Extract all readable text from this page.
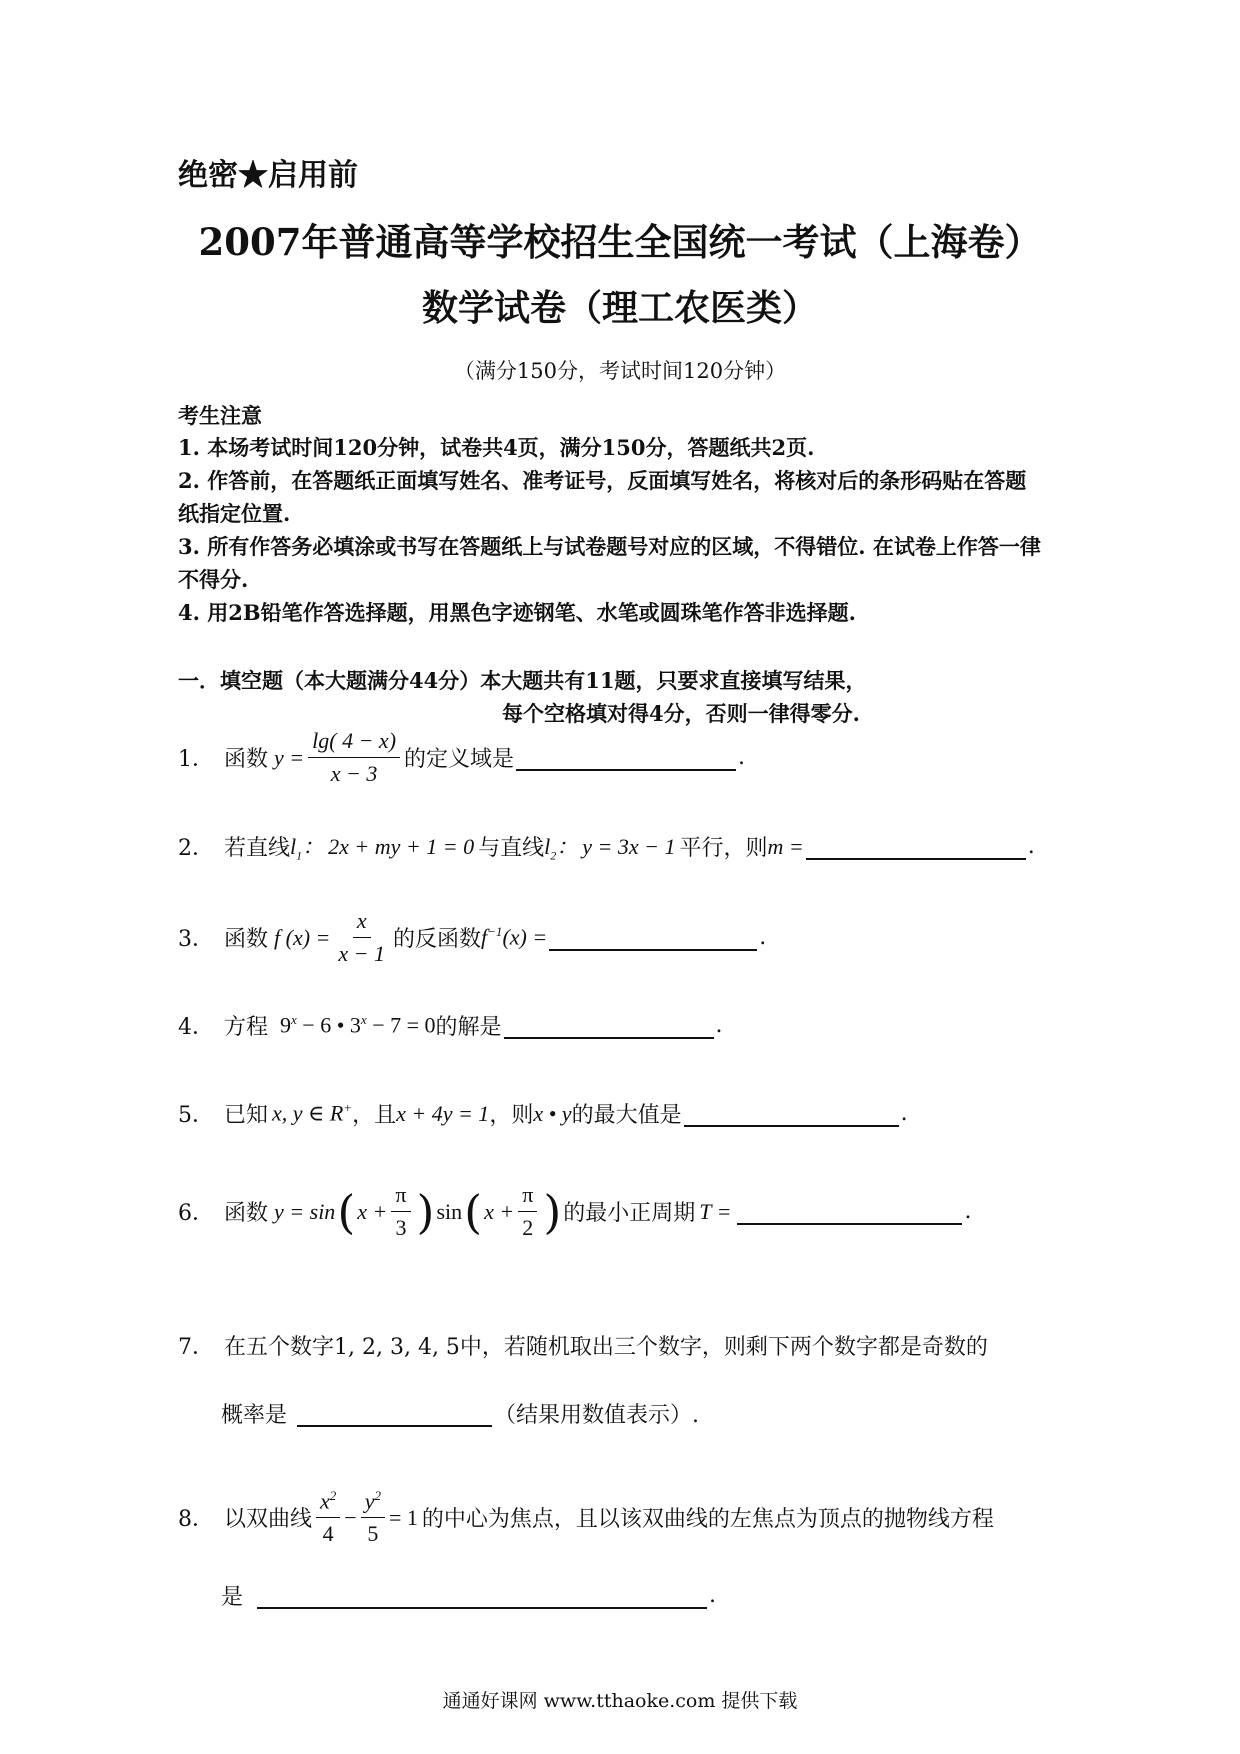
绝密★启用前
2007年普通高等学校招生全国统一考试（上海卷）
数学试卷（理工农医类）
（满分150分，考试时间120分钟）
考生注意
1. 本场考试时间120分钟，试卷共4页，满分150分，答题纸共2页.
2. 作答前，在答题纸正面填写姓名、准考证号，反面填写姓名，将核对后的条形码贴在答题
纸指定位置.
3. 所有作答务必填涂或书写在答题纸上与试卷题号对应的区域，不得错位. 在试卷上作答一律
不得分.
4. 用2B铅笔作答选择题，用黑色字迹钢笔、水笔或圆珠笔作答非选择题.
一．填空题（本大题满分44分）本大题共有11题，只要求直接填写结果，
每个空格填对得4分，否则一律得零分.
1． 函数 $y = \frac{\lg( 4 - x)}{x - 3}$ 的定义域是	.
2． 若直线 $l_1$： 2x + my + 1 = 0 与直线 $l_2$： y = 3x − 1 平行，则 m =	.
3． 函数 f $(x) = \frac{x}{x - 1}$ 的反函数 $f^{-1}(x)$ =	.
4． 方程 $9^x - 6$ • $3^x - 7 = 0$ 的解是	.
5． 已知 x, y ∈ R+ ，且 x + 4y = 1 ，则 x • y 的最大值是	.
6． 函数 y = sin ( $x + \frac{\pi}{3}$ ) sin ( $x + \frac{\pi}{2}$ ) 的最小正周期 T =	.
7． 在五个数字1, 2, 3, 4, 5中，若随机取出三个数字，则剩下两个数字都是奇数的
概率是	（结果用数值表示）.
8． 以双曲线 $\frac{x^2}{4} - \frac{y^2}{5} = 1$ 的中心为焦点，且以该双曲线的左焦点为顶点的抛物线方程
是	.
通通好课网 www.tthaoke.com 提供下载
